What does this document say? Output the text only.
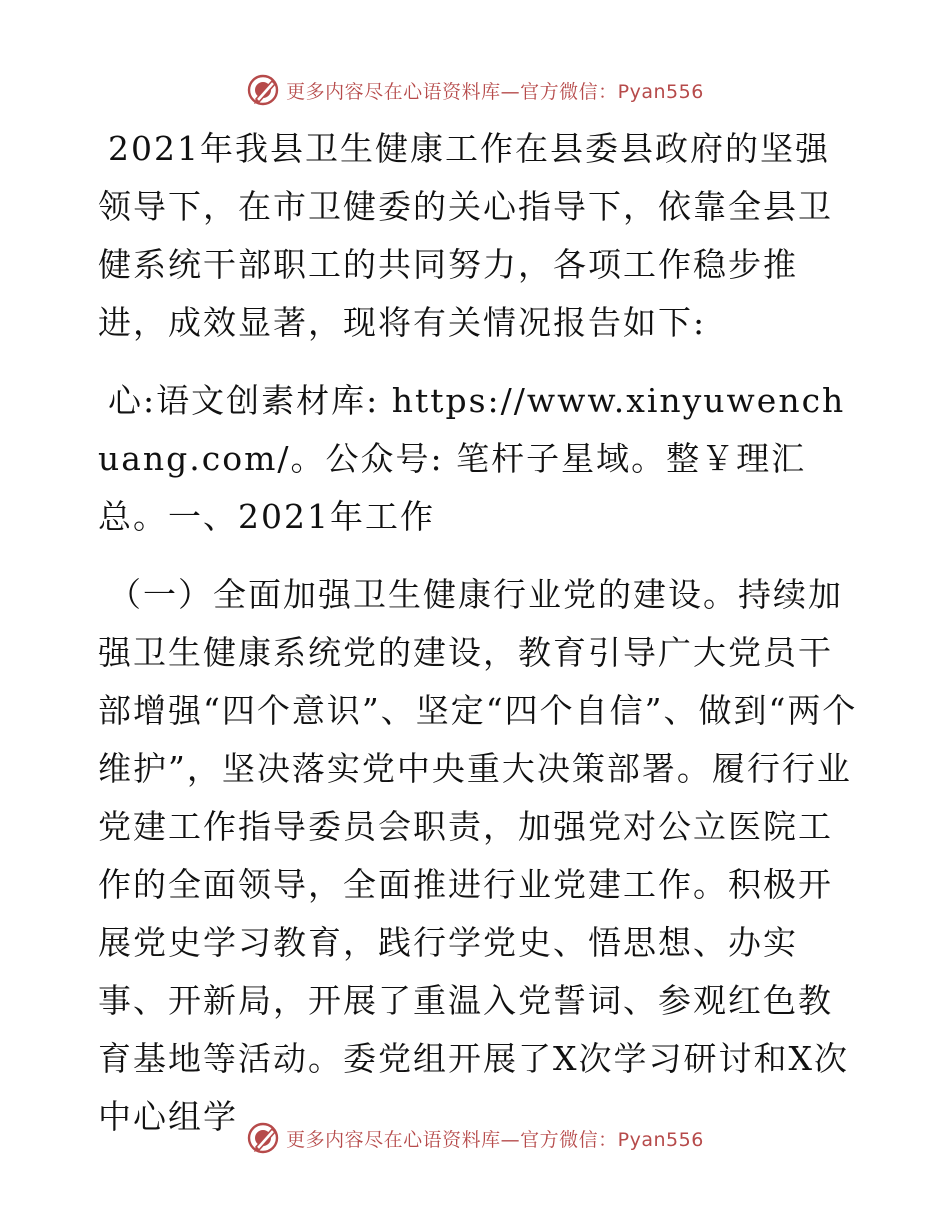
更多内容尽在心语资料库—官方微信：Pyan556

2021年我县卫生健康工作在县委县政府的坚强领导下，在市卫健委的关心指导下，依靠全县卫健系统干部职工的共同努力，各项工作稳步推进，成效显著，现将有关情况报告如下:

心:语文创素材库: https://www.xinyuwenchuang.com/。公众号: 笔杆子星域。整￥理汇总。一、2021年工作

（一）全面加强卫生健康行业党的建设。持续加强卫生健康系统党的建设，教育引导广大党员干部增强“四个意识”、坚定“四个自信”、做到“两个维护”，坚决落实党中央重大决策部署。履行行业党建工作指导委员会职责，加强党对公立医院工作的全面领导，全面推进行业党建工作。积极开展党史学习教育，践行学党史、悟思想、办实事、开新局，开展了重温入党誓词、参观红色教育基地等活动。委党组开展了X次学习研讨和X次中心组学

更多内容尽在心语资料库—官方微信：Pyan556
